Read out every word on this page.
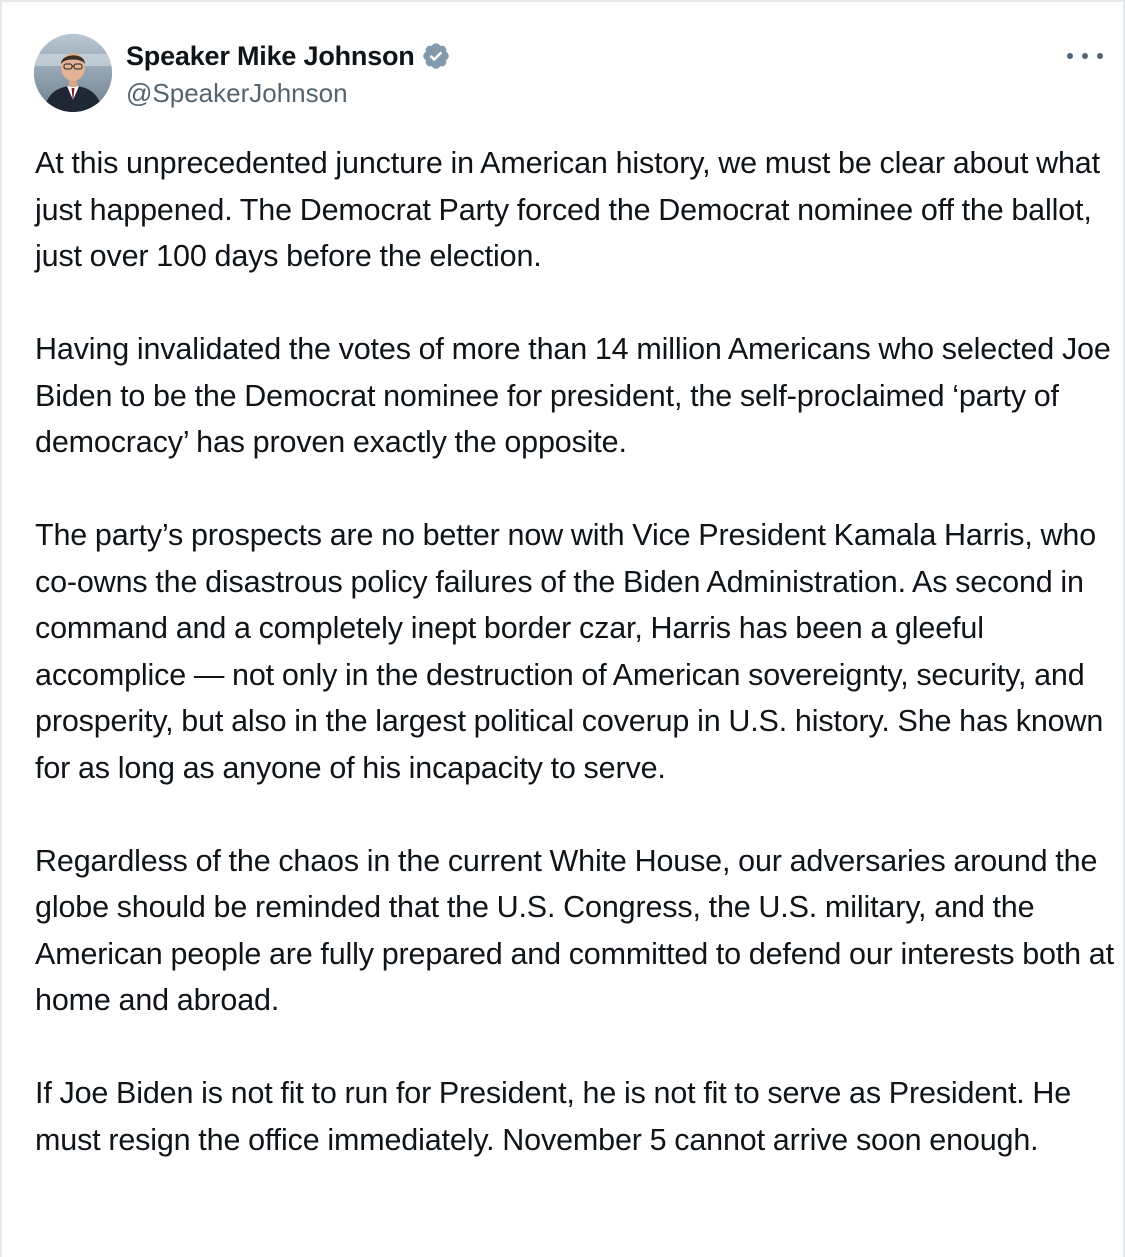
Speaker Mike Johnson
@SpeakerJohnson

At this unprecedented juncture in American history, we must be clear about what just happened. The Democrat Party forced the Democrat nominee off the ballot, just over 100 days before the election.

Having invalidated the votes of more than 14 million Americans who selected Joe Biden to be the Democrat nominee for president, the self-proclaimed ‘party of democracy’ has proven exactly the opposite.

The party’s prospects are no better now with Vice President Kamala Harris, who co-owns the disastrous policy failures of the Biden Administration. As second in command and a completely inept border czar, Harris has been a gleeful accomplice — not only in the destruction of American sovereignty, security, and prosperity, but also in the largest political coverup in U.S. history. She has known for as long as anyone of his incapacity to serve.

Regardless of the chaos in the current White House, our adversaries around the globe should be reminded that the U.S. Congress, the U.S. military, and the American people are fully prepared and committed to defend our interests both at home and abroad.

If Joe Biden is not fit to run for President, he is not fit to serve as President. He must resign the office immediately. November 5 cannot arrive soon enough.
